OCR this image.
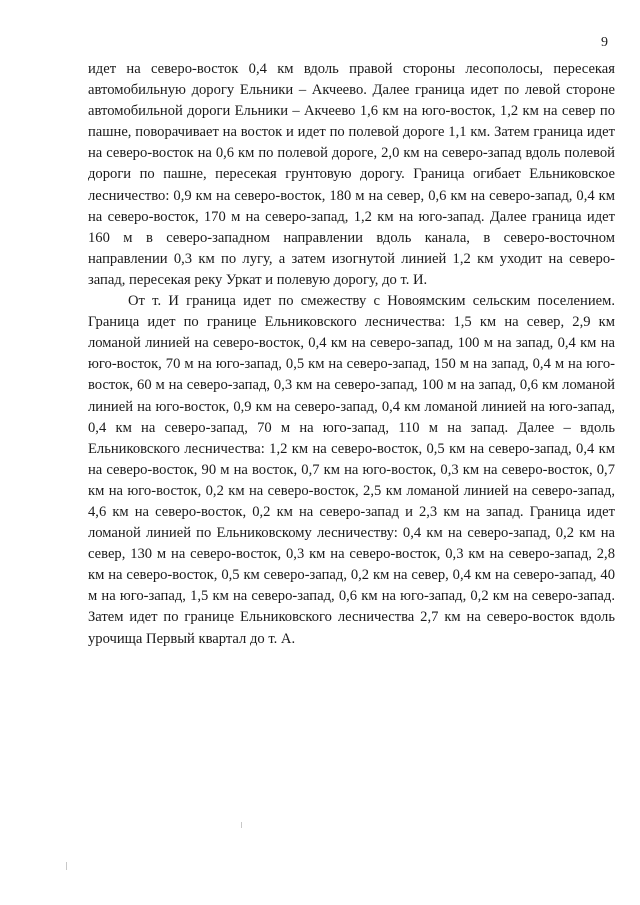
9

идет на северо-восток 0,4 км вдоль правой стороны лесополосы, пересекая автомобильную дорогу Ельники – Акчеево. Далее граница идет по левой стороне автомобильной дороги Ельники – Акчеево 1,6 км на юго-восток, 1,2 км на север по пашне, поворачивает на восток и идет по полевой дороге 1,1 км. Затем граница идет на северо-восток на 0,6 км по полевой дороге, 2,0 км на северо-запад вдоль полевой дороги по пашне, пересекая грунтовую дорогу. Граница огибает Ельниковское лесничество: 0,9 км на северо-восток, 180 м на север, 0,6 км на северо-запад, 0,4 км на северо-восток, 170 м на северо-запад, 1,2 км на юго-запад. Далее граница идет 160 м в северо-западном направлении вдоль канала, в северо-восточном направлении 0,3 км по лугу, а затем изогнутой линией 1,2 км уходит на северо-запад, пересекая реку Уркат и полевую дорогу, до т. И.

От т. И граница идет по смежеству с Новоямским сельским поселением. Граница идет по границе Ельниковского лесничества: 1,5 км на север, 2,9 км ломаной линией на северо-восток, 0,4 км на северо-запад, 100 м на запад, 0,4 км на юго-восток, 70 м на юго-запад, 0,5 км на северо-запад, 150 м на запад, 0,4 м на юго-восток, 60 м на северо-запад, 0,3 км на северо-запад, 100 м на запад, 0,6 км ломаной линией на юго-восток, 0,9 км на северо-запад, 0,4 км ломаной линией на юго-запад, 0,4 км на северо-запад, 70 м на юго-запад, 110 м на запад. Далее – вдоль Ельниковского лесничества: 1,2 км на северо-восток, 0,5 км на северо-запад, 0,4 км на северо-восток, 90 м на восток, 0,7 км на юго-восток, 0,3 км на северо-восток, 0,7 км на юго-восток, 0,2 км на северо-восток, 2,5 км ломаной линией на северо-запад, 4,6 км на северо-восток, 0,2 км на северо-запад и 2,3 км на запад. Граница идет ломаной линией по Ельниковскому лесничеству: 0,4 км на северо-запад, 0,2 км на север, 130 м на северо-восток, 0,3 км на северо-восток, 0,3 км на северо-запад, 2,8 км на северо-восток, 0,5 км северо-запад, 0,2 км на север, 0,4 км на северо-запад, 40 м на юго-запад, 1,5 км на северо-запад, 0,6 км на юго-запад, 0,2 км на северо-запад. Затем идет по границе Ельниковского лесничества 2,7 км на северо-восток вдоль урочища Первый квартал до т. А.
